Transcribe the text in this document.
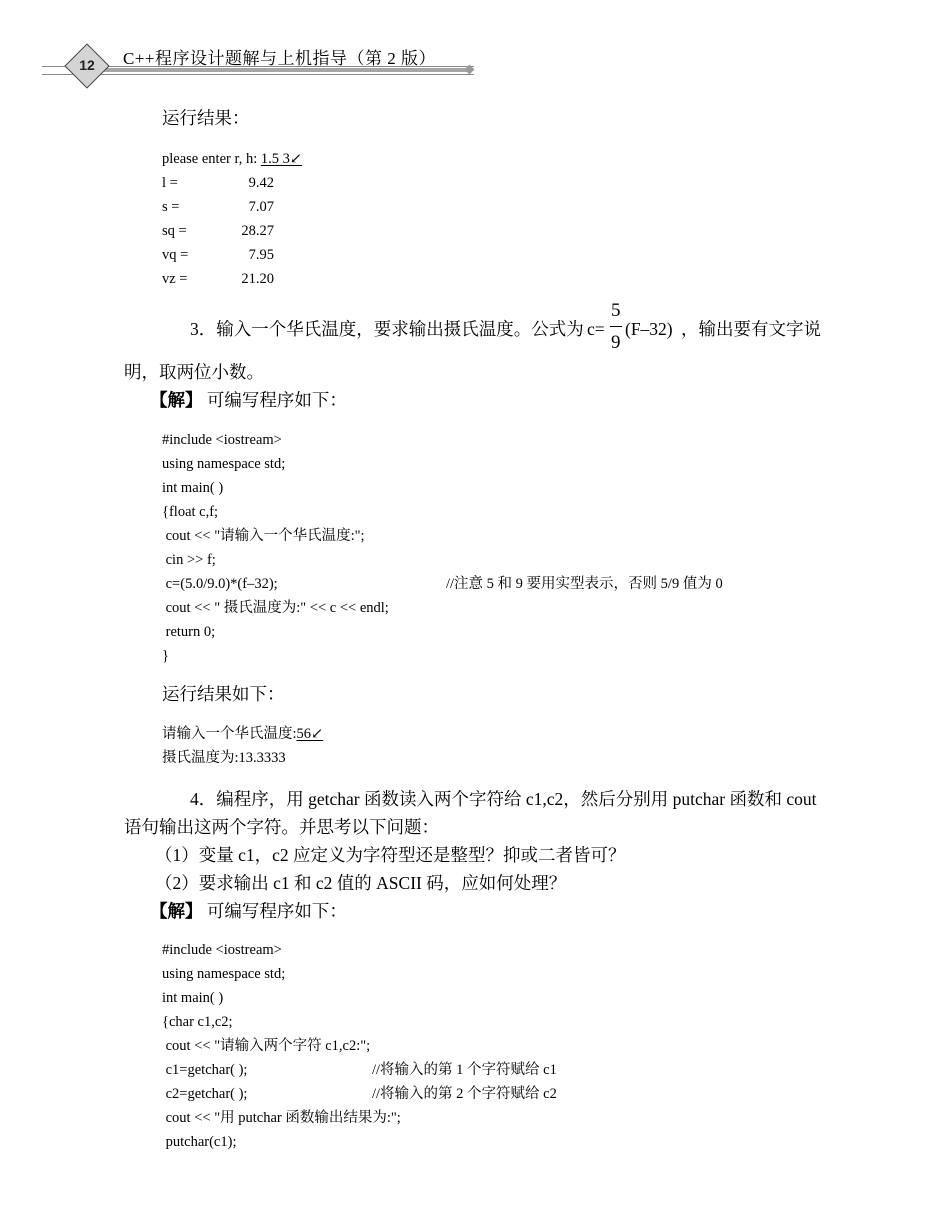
12	C++程序设计题解与上机指导（第 2 版）
运行结果：
please enter r, h: 1.5 3↙
l =	9.42
s =	7.07
sq =	28.27
vq =	7.95
vz =	21.20
3．输入一个华氏温度，要求输出摄氏温度。公式为 c=
5
9
(F–32) ，输出要有文字说
明，取两位小数。
【解】 可编写程序如下：
#include <iostream>
using namespace std;
int main( )
{float c,f;
cout << "请输入一个华氏温度:";
cin >> f;
c=(5.0/9.0)*(f–32);	//注意 5 和 9 要用实型表示，否则 5/9 值为 0
cout << " 摄氏温度为:" << c << endl;
return 0;
}
运行结果如下：
请输入一个华氏温度:56↙
摄氏温度为:13.3333
4．编程序，用 getchar 函数读入两个字符给 c1,c2，然后分别用 putchar 函数和 cout
语句输出这两个字符。并思考以下问题：
（1）变量 c1，c2 应定义为字符型还是整型？抑或二者皆可？
（2）要求输出 c1 和 c2 值的 ASCII 码，应如何处理？
【解】 可编写程序如下：
#include <iostream>
using namespace std;
int main( )
{char c1,c2;
cout << "请输入两个字符 c1,c2:";
c1=getchar( );	//将输入的第 1 个字符赋给 c1
c2=getchar( );	//将输入的第 2 个字符赋给 c2
cout << "用 putchar 函数输出结果为:";
putchar(c1);
